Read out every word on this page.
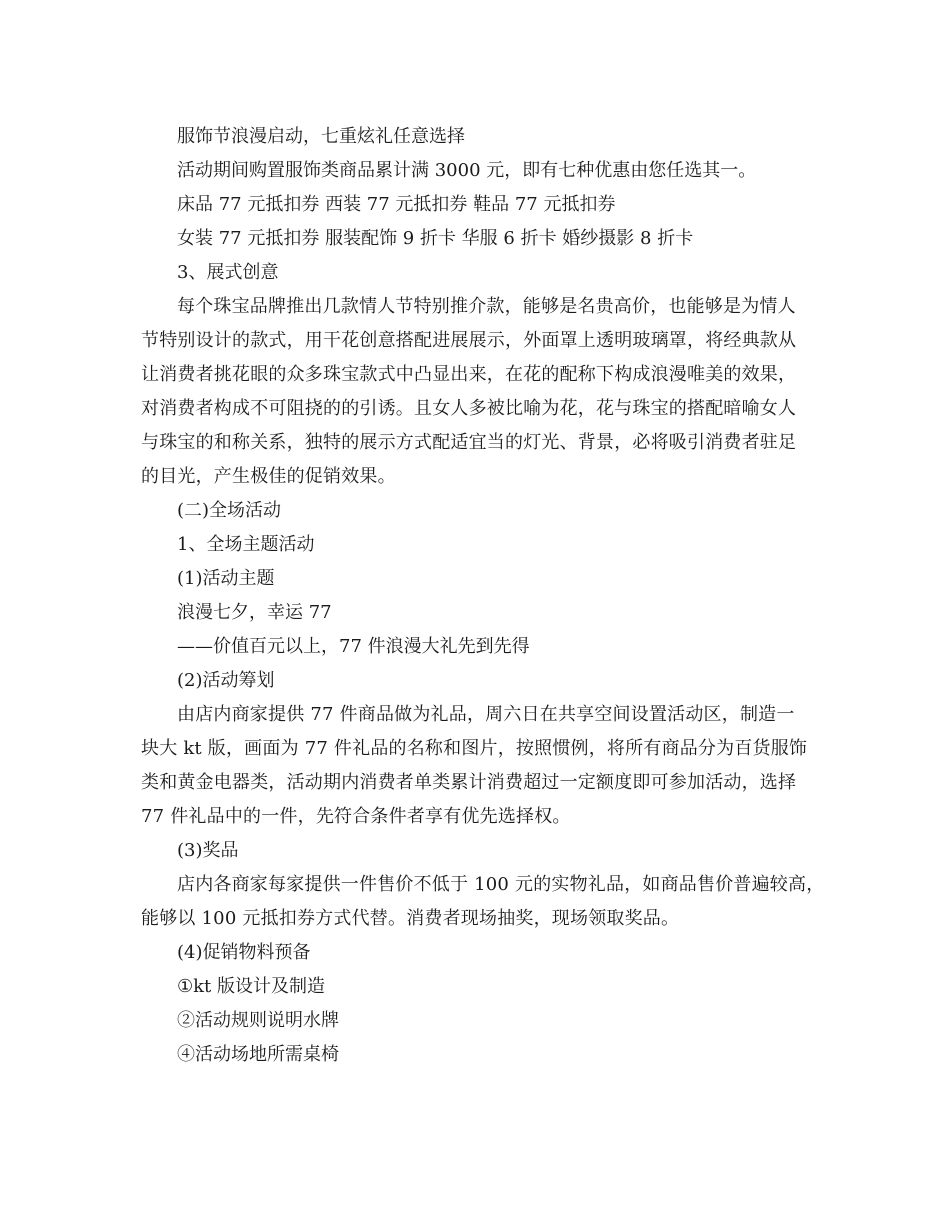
服饰节浪漫启动，七重炫礼任意选择
活动期间购置服饰类商品累计满 3000 元，即有七种优惠由您任选其一。
床品 77 元抵扣券 西装 77 元抵扣券 鞋品 77 元抵扣券
女装 77 元抵扣券 服装配饰 9 折卡 华服 6 折卡 婚纱摄影 8 折卡
3、展式创意
每个珠宝品牌推出几款情人节特别推介款，能够是名贵高价，也能够是为情人
节特别设计的款式，用干花创意搭配进展展示，外面罩上透明玻璃罩，将经典款从
让消费者挑花眼的众多珠宝款式中凸显出来，在花的配称下构成浪漫唯美的效果，
对消费者构成不可阻挠的的引诱。且女人多被比喻为花，花与珠宝的搭配暗喻女人
与珠宝的和称关系，独特的展示方式配适宜当的灯光、背景，必将吸引消费者驻足
的目光，产生极佳的促销效果。
(二)全场活动
1、全场主题活动
(1)活动主题
浪漫七夕，幸运 77
——价值百元以上，77 件浪漫大礼先到先得
(2)活动筹划
由店内商家提供 77 件商品做为礼品，周六日在共享空间设置活动区，制造一
块大 kt 版，画面为 77 件礼品的名称和图片，按照惯例，将所有商品分为百货服饰
类和黄金电器类，活动期内消费者单类累计消费超过一定额度即可参加活动，选择
77 件礼品中的一件，先符合条件者享有优先选择权。
(3)奖品
店内各商家每家提供一件售价不低于 100 元的实物礼品，如商品售价普遍较高，
能够以 100 元抵扣券方式代替。消费者现场抽奖，现场领取奖品。
(4)促销物料预备
①kt 版设计及制造
②活动规则说明水牌
④活动场地所需桌椅
